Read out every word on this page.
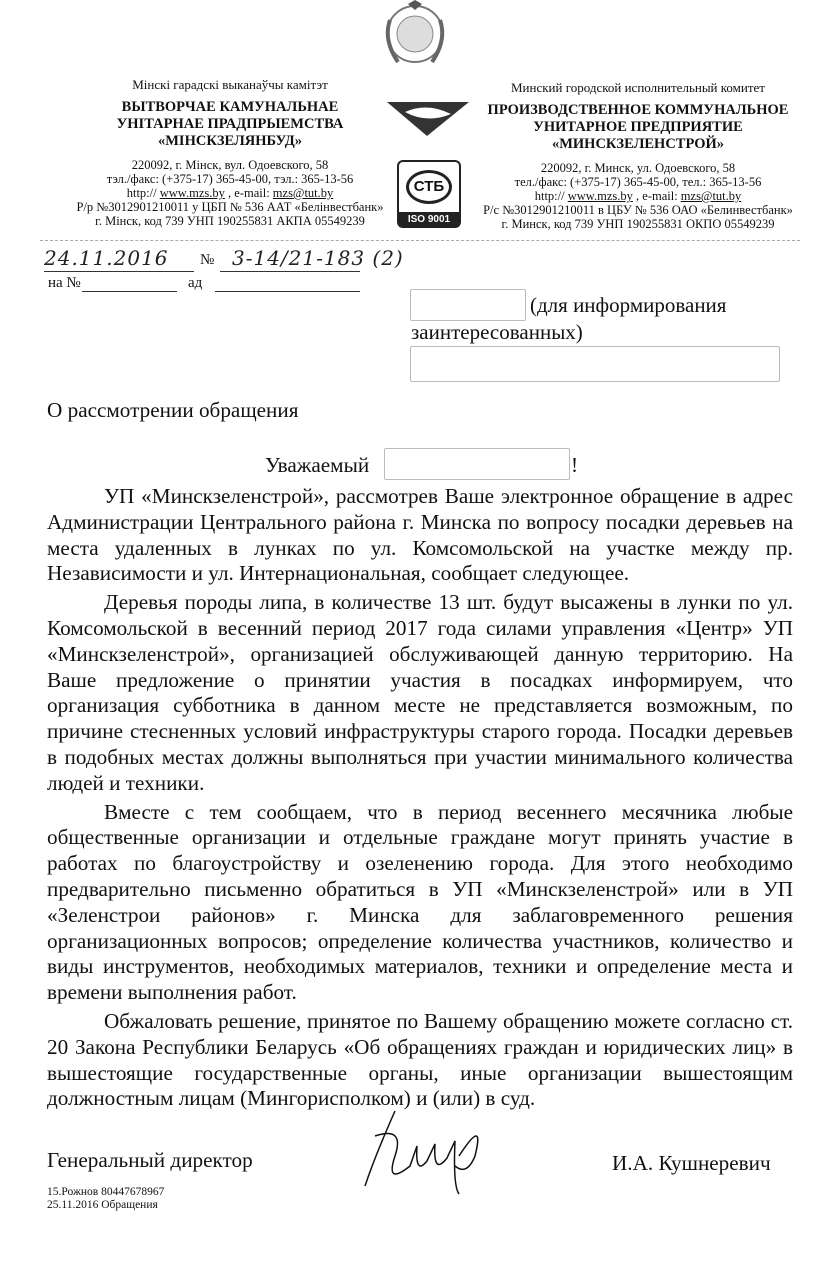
Мінскі гарадскі выканаўчы камітэт
ВЫТВОРЧАЕ КАМУНАЛЬНАЕ
УНІТАРНАЕ ПРАДПРЫЕМСТВА
«МІНСКЗЕЛЯНБУД»
220092, г. Мінск, вул. Одоевского, 58
тэл./факс: (+375-17) 365-45-00, тэл.: 365-13-56
http:// www.mzs.by , e-mail: mzs@tut.by
Р/р №3012901210011 у ЦБП № 536 ААТ «Белінвестбанк»
г. Мінск, код 739 УНП 190255831 АКПА 05549239
СТБ
ISO 9001
Минский городской исполнительный комитет
ПРОИЗВОДСТВЕННОЕ КОММУНАЛЬНОЕ
УНИТАРНОЕ ПРЕДПРИЯТИЕ
«МИНСКЗЕЛЕНСТРОЙ»
220092, г. Минск, ул. Одоевского, 58
тел./факс: (+375-17) 365-45-00, тел.: 365-13-56
http:// www.mzs.by , e-mail: mzs@tut.by
Р/с №3012901210011 в ЦБУ № 536 ОАО «Белинвестбанк»
г. Минск, код 739 УНП 190255831 ОКПО 05549239
24.11.2016 № 3-14/21-183 (2)
на №	ад
(для информирования
заинтересованных)
О рассмотрении обращения
Уважаемый	!

УП «Минскзеленстрой», рассмотрев Ваше электронное обращение в адрес Администрации Центрального района г. Минска по вопросу посадки деревьев на места удаленных в лунках по ул. Комсомольской на участке между пр. Независимости и ул. Интернациональная, сообщает следующее.

Деревья породы липа, в количестве 13 шт. будут высажены в лунки по ул. Комсомольской в весенний период 2017 года силами управления «Центр» УП «Минскзеленстрой», организацией обслуживающей данную территорию. На Ваше предложение о принятии участия в посадках информируем, что организация субботника в данном месте не представляется возможным, по причине стесненных условий инфраструктуры старого города. Посадки деревьев в подобных местах должны выполняться при участии минимального количества людей и техники.

Вместе с тем сообщаем, что в период весеннего месячника любые общественные организации и отдельные граждане могут принять участие в работах по благоустройству и озеленению города. Для этого необходимо предварительно письменно обратиться в УП «Минскзеленстрой» или в УП «Зеленстрои районов» г. Минска для заблаговременного решения организационных вопросов; определение количества участников, количество и виды инструментов, необходимых материалов, техники и определение места и времени выполнения работ.

Обжаловать решение, принятое по Вашему обращению можете согласно ст. 20 Закона Республики Беларусь «Об обращениях граждан и юридических лиц» в вышестоящие государственные органы, иные организации вышестоящим должностным лицам (Мингорисполком) и (или) в суд.

Генеральный директор	И.А. Кушнеревич
15.Рожнов 80447678967
25.11.2016 Обращения
